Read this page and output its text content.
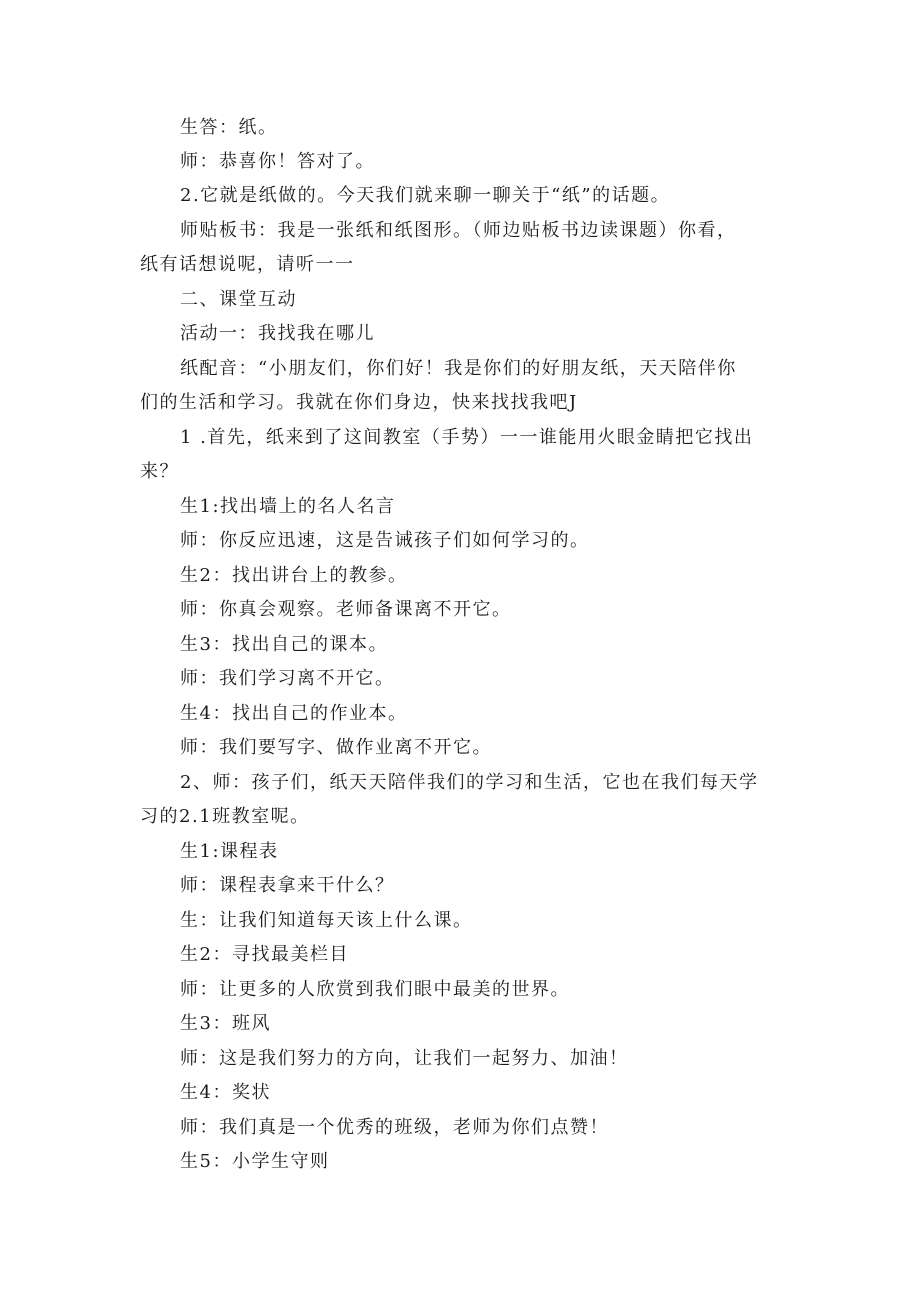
生答：纸。
师：恭喜你！答对了。
2.它就是纸做的。今天我们就来聊一聊关于“纸”的话题。
师贴板书：我是一张纸和纸图形。（师边贴板书边读课题）你看，
纸有话想说呢，请听一一
二、课堂互动
活动一：我找我在哪儿
纸配音：“小朋友们，你们好！我是你们的好朋友纸，天天陪伴你
们的生活和学习。我就在你们身边，快来找找我吧J
1 .首先，纸来到了这间教室（手势）一一谁能用火眼金睛把它找出
来？
生1:找出墙上的名人名言
师：你反应迅速，这是告诫孩子们如何学习的。
生2：找出讲台上的教参。
师：你真会观察。老师备课离不开它。
生3：找出自己的课本。
师：我们学习离不开它。
生4：找出自己的作业本。
师：我们要写字、做作业离不开它。
2、师：孩子们，纸天天陪伴我们的学习和生活，它也在我们每天学
习的2.1班教室呢。
生1:课程表
师：课程表拿来干什么？
生：让我们知道每天该上什么课。
生2：寻找最美栏目
师：让更多的人欣赏到我们眼中最美的世界。
生3：班风
师：这是我们努力的方向，让我们一起努力、加油！
生4：奖状
师：我们真是一个优秀的班级，老师为你们点赞！
生5：小学生守则
